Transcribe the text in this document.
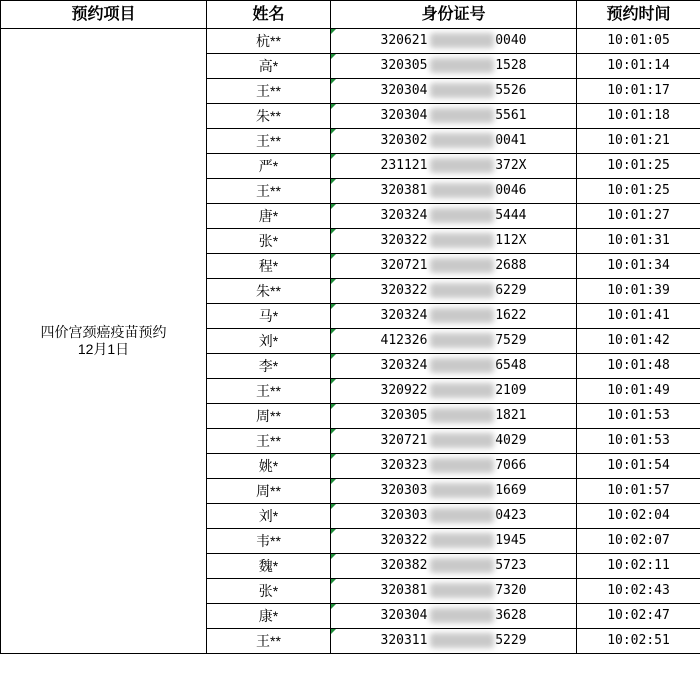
预约项目	姓名	身份证号	预约时间

四价宫颈癌疫苗预约
12月1日	杭**	320621 0040	10:01:05
	高*	320305 1528	10:01:14
	王**	320304 5526	10:01:17
	朱**	320304 5561	10:01:18
	王**	320302 0041	10:01:21
	严*	231121 372X	10:01:25
	王**	320381 0046	10:01:25
	唐*	320324 5444	10:01:27
	张*	320322 112X	10:01:31
	程*	320721 2688	10:01:34
	朱**	320322 6229	10:01:39
	马*	320324 1622	10:01:41
	刘*	412326 7529	10:01:42
	李*	320324 6548	10:01:48
	王**	320922 2109	10:01:49
	周**	320305 1821	10:01:53
	王**	320721 4029	10:01:53
	姚*	320323 7066	10:01:54
	周**	320303 1669	10:01:57
	刘*	320303 0423	10:02:04
	韦**	320322 1945	10:02:07
	魏*	320382 5723	10:02:11
	张*	320381 7320	10:02:43
	康*	320304 3628	10:02:47
	王**	320311 5229	10:02:51
